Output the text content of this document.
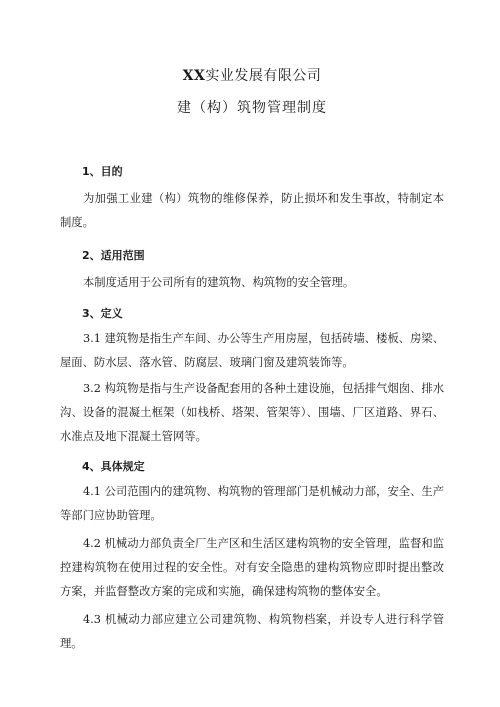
XX实业发展有限公司
建（构）筑物管理制度
1、目的

为加强工业建（构）筑物的维修保养，防止损坏和发生事故，特制定本制度。

2、适用范围

本制度适用于公司所有的建筑物、构筑物的安全管理。

3、定义

3.1 建筑物是指生产车间、办公等生产用房屋，包括砖墙、楼板、房梁、屋面、防水层、落水管、防腐层、玻璃门窗及建筑装饰等。

3.2 构筑物是指与生产设备配套用的各种土建设施，包括排气烟囱、排水沟、设备的混凝土框架（如栈桥、塔架、管架等）、围墙、厂区道路、界石、水准点及地下混凝土管网等。

4、具体规定

4.1 公司范围内的建筑物、构筑物的管理部门是机械动力部，安全、生产等部门应协助管理。

4.2 机械动力部负责全厂生产区和生活区建构筑物的安全管理，监督和监控建构筑物在使用过程的安全性。对有安全隐患的建构筑物应即时提出整改方案，并监督整改方案的完成和实施，确保建构筑物的整体安全。

4.3 机械动力部应建立公司建筑物、构筑物档案，并设专人进行科学管理。
